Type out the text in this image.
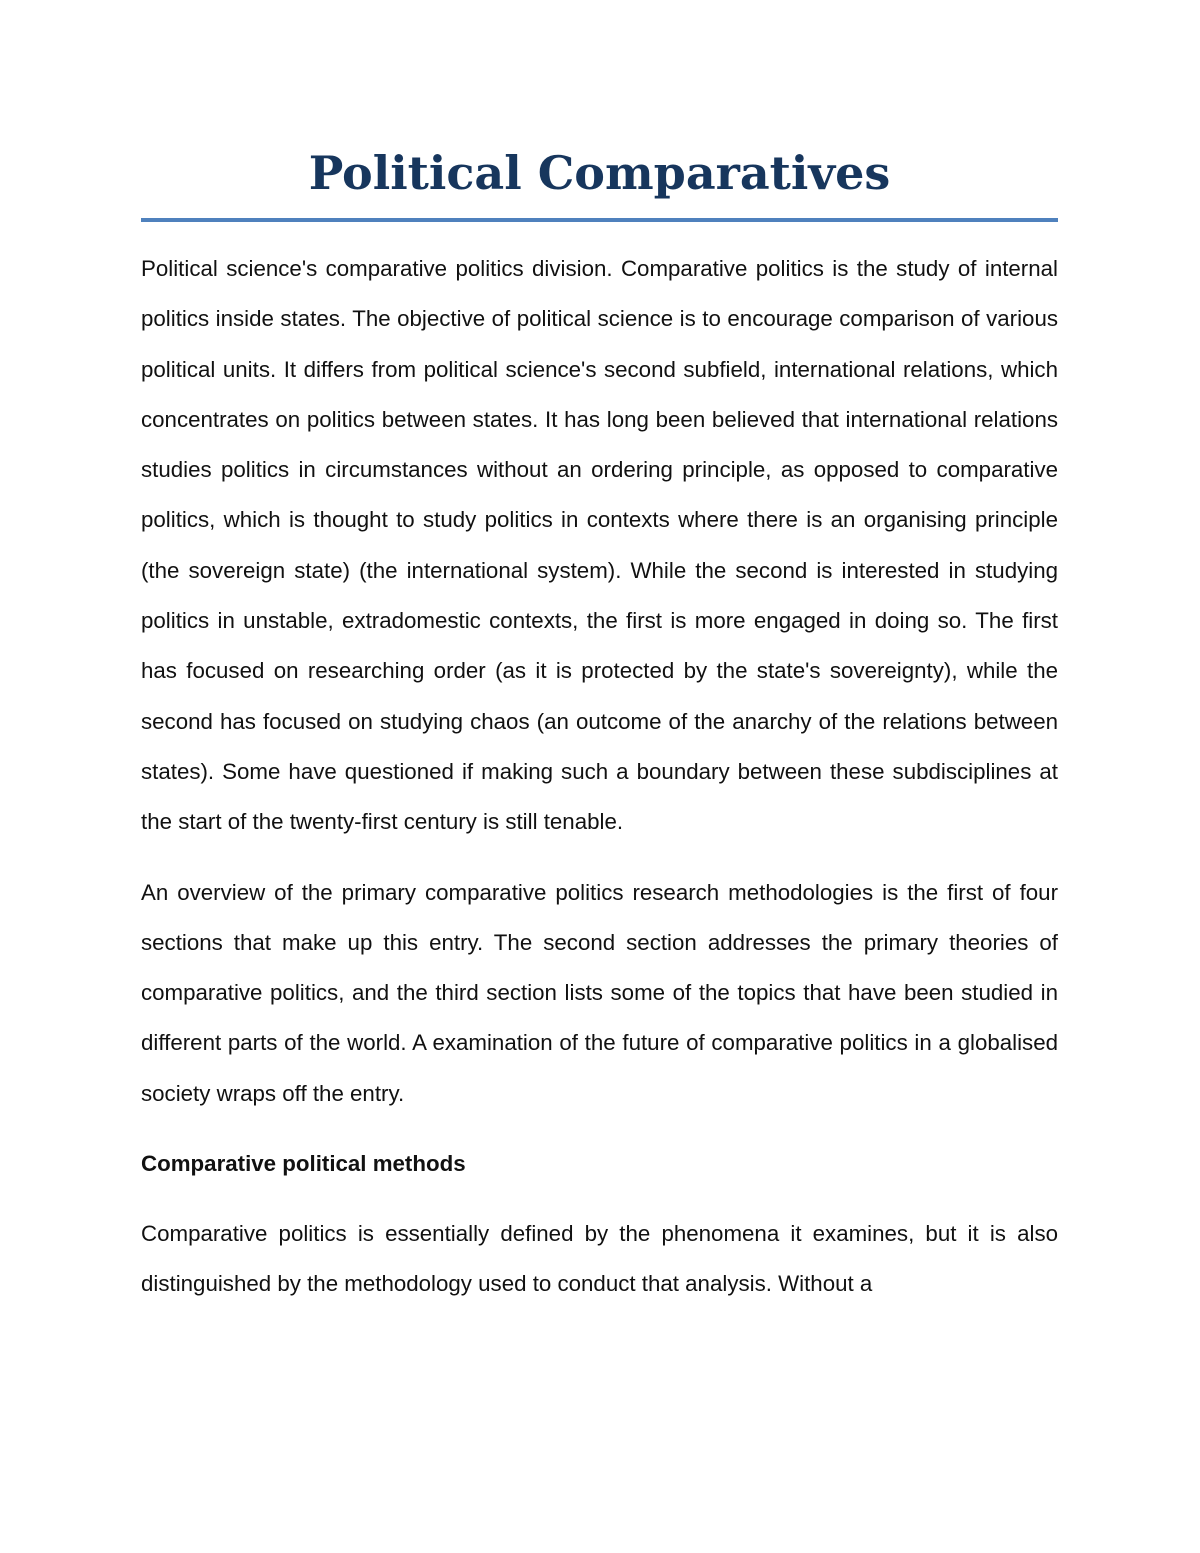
Political Comparatives

Political science's comparative politics division. Comparative politics is the study of internal politics inside states. The objective of political science is to encourage comparison of various political units. It differs from political science's second subfield, international relations, which concentrates on politics between states. It has long been believed that international relations studies politics in circumstances without an ordering principle, as opposed to comparative politics, which is thought to study politics in contexts where there is an organising principle (the sovereign state) (the international system). While the second is interested in studying politics in unstable, extradomestic contexts, the first is more engaged in doing so. The first has focused on researching order (as it is protected by the state's sovereignty), while the second has focused on studying chaos (an outcome of the anarchy of the relations between states). Some have questioned if making such a boundary between these subdisciplines at the start of the twenty-first century is still tenable.

An overview of the primary comparative politics research methodologies is the first of four sections that make up this entry. The second section addresses the primary theories of comparative politics, and the third section lists some of the topics that have been studied in different parts of the world. A examination of the future of comparative politics in a globalised society wraps off the entry.

Comparative political methods

Comparative politics is essentially defined by the phenomena it examines, but it is also distinguished by the methodology used to conduct that analysis. Without a
